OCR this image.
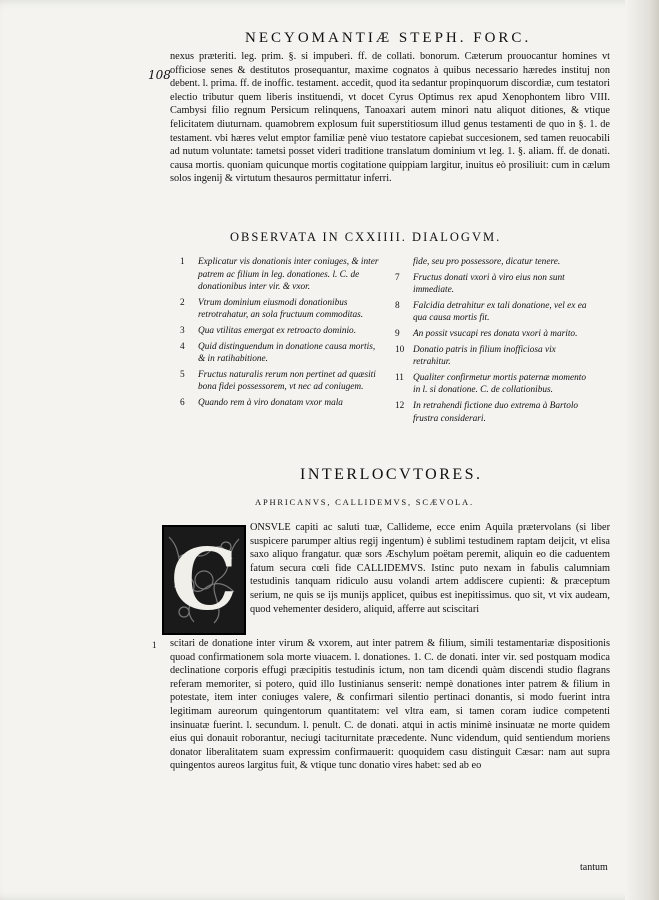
108
NECYOMANTIÆ STEPH. FORC.

nexus præteriti. leg. prim. §. si impuberi. ff. de collati. bonorum. Cæterum prouocantur homines vt officiose senes & destitutos prosequantur, maxime cognatos à quibus necessario hæredes instituj non debent. l. prima. ff. de inoffic. testament. accedit, quod ita sedantur propinquorum discordiæ, cum testatori electio tributur quem liberis instituendi, vt docet Cyrus Optimus rex apud Xenophontem libro VIII. Cambysi filio regnum Persicum relinquens, Tanoaxari autem minori natu aliquot ditiones, & vtique felicitatem diuturnam. quamobrem explosum fuit superstitiosum illud genus testamenti de quo in §. 1. de testament. vbi hæres velut emptor familiæ penè viuo testatore capiebat succesionem, sed tamen reuocabili ad nutum voluntate: tametsi posset videri traditione translatum dominium vt leg. 1. §. aliam. ff. de donati. causa mortis. quoniam quicunque mortis cogitatione quippiam largitur, inuitus eò prosiliuit: cum in cælum solos ingenij & virtutum thesauros permittatur inferri.

OBSERVATA IN CXXIIII. DIALOGVM.
1	Explicatur vis donationis inter coniuges, & inter patrem ac filium in leg. donationes. l. C. de donationibus inter vir. & vxor.
2	Vtrum dominium eiusmodi donationibus retrotrahatur, an sola fructuum commoditas.
3	Qua vtilitas emergat ex retroacto dominio.
4	Quid distinguendum in donatione causa mortis, & in ratihabitione.
5	Fructus naturalis rerum non pertinet ad quæsiti bona fidei possessorem, vt nec ad coniugem.
6	Quando rem à viro donatam vxor mala
fide, seu pro possessore, dicatur tenere.
7	Fructus donati vxori à viro eius non sunt immediate.
8	Falcidia detrahitur ex tali donatione, vel ex ea qua causa mortis fit.
9	An possit vsucapi res donata vxori à marito.
10 Donatio patris in filium inofficiosa vix retrahitur.
11 Qualiter confirmetur mortis paternæ momento in l. si donatione. C. de collationibus.
12 In retrahendi fictione duo extrema à Bartolo frustra considerari.
INTERLOCVTORES.
APHRICANVS, CALLIDEMVS, SCÆVOLA.
C

ONSVLE capiti ac saluti tuæ, Callideme, ecce enim Aquila prætervolans (si liber suspicere parumper altius regij ingentum) è sublimi testudinem raptam deijcit, vt elisa saxo aliquo frangatur. quæ sors Æschylum poëtam peremit, aliquin eo die caduentem fatum secura cœli fide CALLIDEMVS. Istinc puto nexam in fabulis calumniam testudinis tanquam ridiculo ausu volandi artem addiscere cupienti: & præceptum serium, ne quis se ijs munijs applicet, quibus est inepitissimus. quo sit, vt vix audeam, quod vehementer desidero, aliquid, afferre aut sciscitari

1 scitari de donatione inter virum & vxorem, aut inter patrem & filium, simili testamentariæ dispositionis quoad confirmationem sola morte viuacem. l. donationes. 1. C. de donati. inter vir. sed postquam modica declinatione corporis effugi præcipitis testudinis ictum, non tam dicendi quàm discendi studio flagrans referam memoriter, si potero, quid illo Iustinianus senserit: nempè donationes inter patrem & filium in potestate, item inter coniuges valere, & confirmari silentio pertinaci donantis, si modo fuerint intra legitimam aureorum quingentorum quantitatem: vel vltra eam, si tamen coram iudice competenti insinuatæ fuerint. l. secundum. l. penult. C. de donati. atqui in actis minimè insinuatæ ne morte quidem eius qui donauit roborantur, neciugi taciturnitate præcedente. Nunc videndum, quid sentiendum moriens donator liberalitatem suam expressim confirmauerit: quoquidem casu distinguit Cæsar: nam aut supra quingentos aureos largitus fuit, & vtique tunc donatio vires habet: sed ab eo

tantum
